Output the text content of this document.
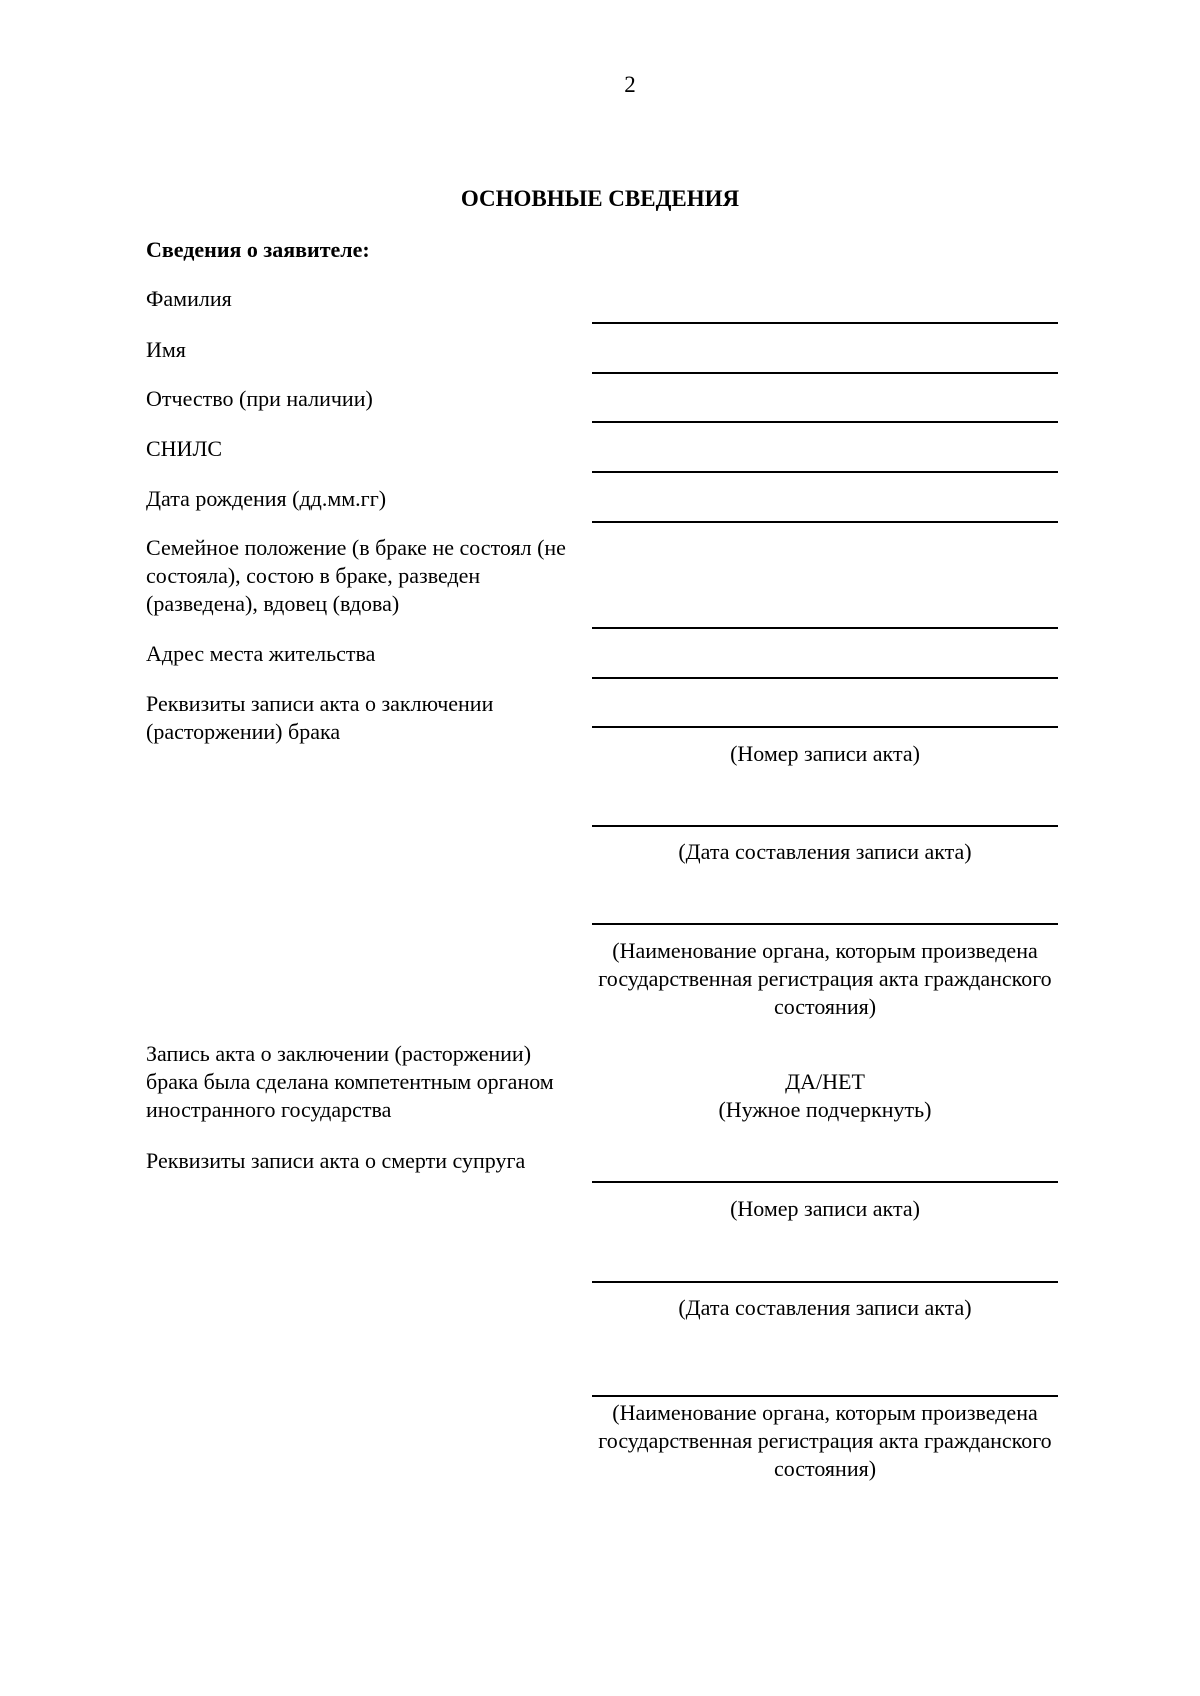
2
ОСНОВНЫЕ СВЕДЕНИЯ
Сведения о заявителе:
Фамилия
Имя
Отчество (при наличии)
СНИЛС
Дата рождения (дд.мм.гг)
Семейное положение (в браке не состоял (не состояла), состою в браке, разведен (разведена), вдовец (вдова)
Адрес места жительства
Реквизиты записи акта о заключении (расторжении) брака
(Номер записи акта)
(Дата составления записи акта)
(Наименование органа, которым произведена государственная регистрация акта гражданского состояния)
Запись акта о заключении (расторжении) брака была сделана компетентным органом иностранного государства
ДА/НЕТ
(Нужное подчеркнуть)
Реквизиты записи акта о смерти супруга
(Номер записи акта)
(Дата составления записи акта)
(Наименование органа, которым произведена государственная регистрация акта гражданского состояния)
